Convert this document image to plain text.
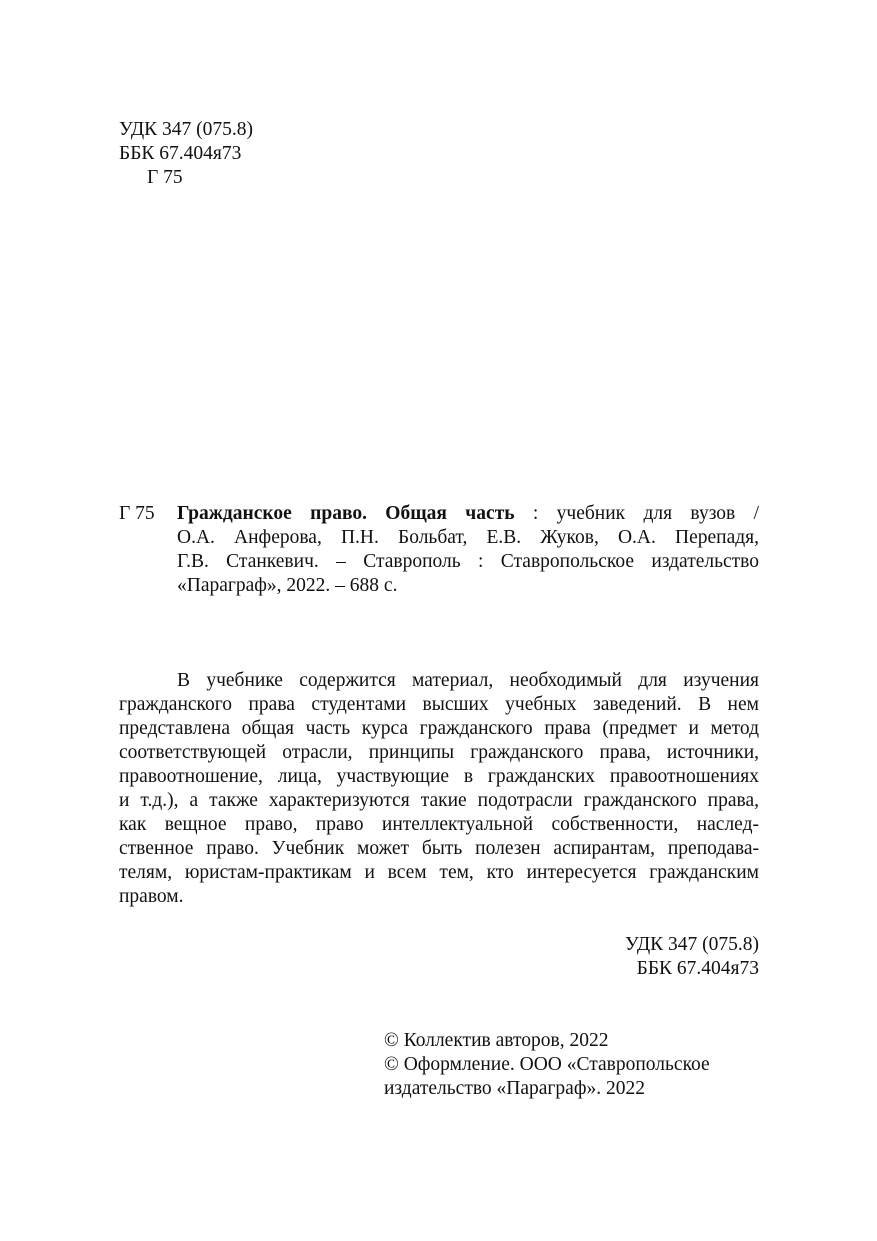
УДК 347 (075.8)
ББК 67.404я73
Г 75
Г 75	Гражданское право. Общая часть : учебник для вузов /
О.А. Анферова, П.Н. Больбат, Е.В. Жуков, О.А. Перепадя,
Г.В. Станкевич. – Ставрополь : Ставропольское издательство
«Параграф», 2022. – 688 с.
В учебнике содержится материал, необходимый для изучения
гражданского права студентами высших учебных заведений. В нем
представлена общая часть курса гражданского права (предмет и метод
соответствующей отрасли, принципы гражданского права, источники,
правоотношение, лица, участвующие в гражданских правоотношениях
и т.д.), а также характеризуются такие подотрасли гражданского права,
как вещное право, право интеллектуальной собственности, наслед-
ственное право. Учебник может быть полезен аспирантам, преподава-
телям, юристам-практикам и всем тем, кто интересуется гражданским
правом.
УДК 347 (075.8)
ББК 67.404я73
© Коллектив авторов, 2022
© Оформление. ООО «Ставропольское
издательство «Параграф». 2022
